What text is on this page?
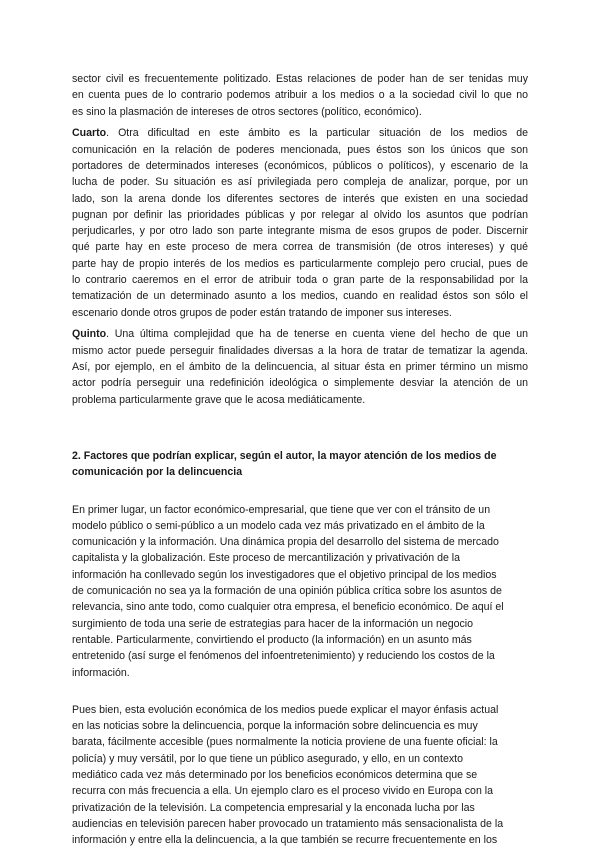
sector civil es frecuentemente politizado. Estas relaciones de poder han de ser tenidas muy
en cuenta pues de lo contrario podemos atribuir a los medios o a la sociedad civil lo que no
es sino la plasmación de intereses de otros sectores (político, económico).
Cuarto. Otra dificultad en este ámbito es la particular situación de los medios de
comunicación en la relación de poderes mencionada, pues éstos son los únicos que son
portadores de determinados intereses (económicos, públicos o políticos), y escenario de la
lucha de poder. Su situación es así privilegiada pero compleja de analizar, porque, por un
lado, son la arena donde los diferentes sectores de interés que existen en una sociedad
pugnan por definir las prioridades públicas y por relegar al olvido los asuntos que podrían
perjudicarles, y por otro lado son parte integrante misma de esos grupos de poder. Discernir
qué parte hay en este proceso de mera correa de transmisión (de otros intereses) y qué
parte hay de propio interés de los medios es particularmente complejo pero crucial, pues de
lo contrario caeremos en el error de atribuir toda o gran parte de la responsabilidad por la
tematización de un determinado asunto a los medios, cuando en realidad éstos son sólo el
escenario donde otros grupos de poder están tratando de imponer sus intereses.
Quinto. Una última complejidad que ha de tenerse en cuenta viene del hecho de que un
mismo actor puede perseguir finalidades diversas a la hora de tratar de tematizar la agenda.
Así, por ejemplo, en el ámbito de la delincuencia, al situar ésta en primer término un mismo
actor podría perseguir una redefinición ideológica o simplemente desviar la atención de un
problema particularmente grave que le acosa mediáticamente.
2. Factores que podrían explicar, según el autor, la mayor atención de los medios de
comunicación por la delincuencia
En primer lugar, un factor económico-empresarial, que tiene que ver con el tránsito de un
modelo público o semi-público a un modelo cada vez más privatizado en el ámbito de la
comunicación y la información. Una dinámica propia del desarrollo del sistema de mercado
capitalista y la globalización. Este proceso de mercantilización y privativación de la
información ha conllevado según los investigadores que el objetivo principal de los medios
de comunicación no sea ya la formación de una opinión pública crítica sobre los asuntos de
relevancia, sino ante todo, como cualquier otra empresa, el beneficio económico. De aquí el
surgimiento de toda una serie de estrategias para hacer de la información un negocio
rentable. Particularmente, convirtiendo el producto (la información) en un asunto más
entretenido (así surge el fenómenos del infoentretenimiento) y reduciendo los costos de la
información.
Pues bien, esta evolución económica de los medios puede explicar el mayor énfasis actual
en las noticias sobre la delincuencia, porque la información sobre delincuencia es muy
barata, fácilmente accesible (pues normalmente la noticia proviene de una fuente oficial: la
policía) y muy versátil, por lo que tiene un público asegurado, y ello, en un contexto
mediático cada vez más determinado por los beneficios económicos determina que se
recurra con más frecuencia a ella. Un ejemplo claro es el proceso vivido en Europa con la
privatización de la televisión. La competencia empresarial y la enconada lucha por las
audiencias en televisión parecen haber provocado un tratamiento más sensacionalista de la
información y entre ella la delincuencia, a la que también se recurre frecuentemente en los
